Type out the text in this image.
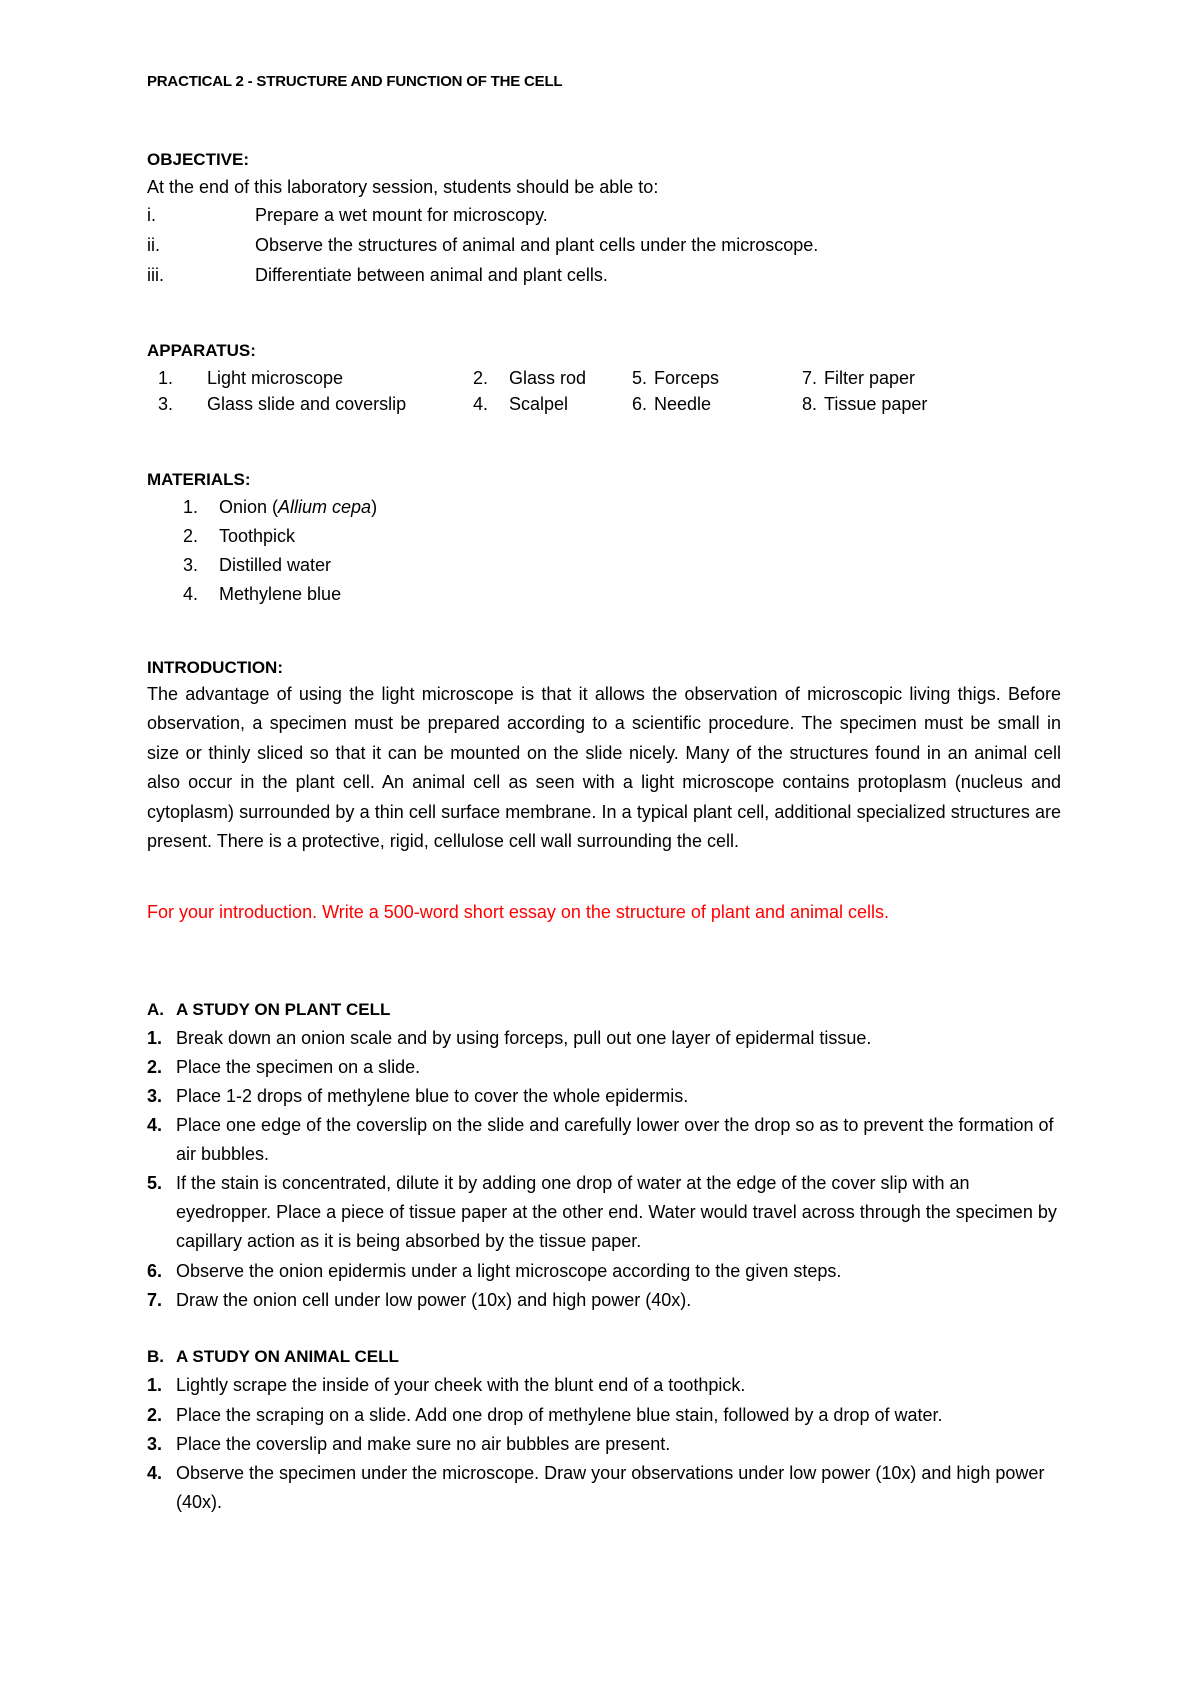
PRACTICAL 2 - STRUCTURE AND FUNCTION OF THE CELL
OBJECTIVE:
At the end of this laboratory session, students should be able to:
i.	Prepare a wet mount for microscopy.
ii.	Observe the structures of animal and plant cells under the microscope.
iii.	Differentiate between animal and plant cells.
APPARATUS:
1. Light microscope	2. Glass rod	5. Forceps	7. Filter paper
3. Glass slide and coverslip	4. Scalpel	6. Needle	8. Tissue paper
MATERIALS:
1. Onion (Allium cepa)
2. Toothpick
3. Distilled water
4. Methylene blue
INTRODUCTION:

The advantage of using the light microscope is that it allows the observation of microscopic living thigs. Before observation, a specimen must be prepared according to a scientific procedure. The specimen must be small in size or thinly sliced so that it can be mounted on the slide nicely. Many of the structures found in an animal cell also occur in the plant cell. An animal cell as seen with a light microscope contains protoplasm (nucleus and cytoplasm) surrounded by a thin cell surface membrane. In a typical plant cell, additional specialized structures are present. There is a protective, rigid, cellulose cell wall surrounding the cell.

For your introduction. Write a 500-word short essay on the structure of plant and animal cells.
A. A STUDY ON PLANT CELL
1. Break down an onion scale and by using forceps, pull out one layer of epidermal tissue.
2. Place the specimen on a slide.
3. Place 1-2 drops of methylene blue to cover the whole epidermis.
4. Place one edge of the coverslip on the slide and carefully lower over the drop so as to prevent the formation of air bubbles.
5. If the stain is concentrated, dilute it by adding one drop of water at the edge of the cover slip with an eyedropper. Place a piece of tissue paper at the other end. Water would travel across through the specimen by capillary action as it is being absorbed by the tissue paper.
6. Observe the onion epidermis under a light microscope according to the given steps.
7. Draw the onion cell under low power (10x) and high power (40x).
B. A STUDY ON ANIMAL CELL
1. Lightly scrape the inside of your cheek with the blunt end of a toothpick.
2. Place the scraping on a slide. Add one drop of methylene blue stain, followed by a drop of water.
3. Place the coverslip and make sure no air bubbles are present.
4. Observe the specimen under the microscope. Draw your observations under low power (10x) and high power (40x).
